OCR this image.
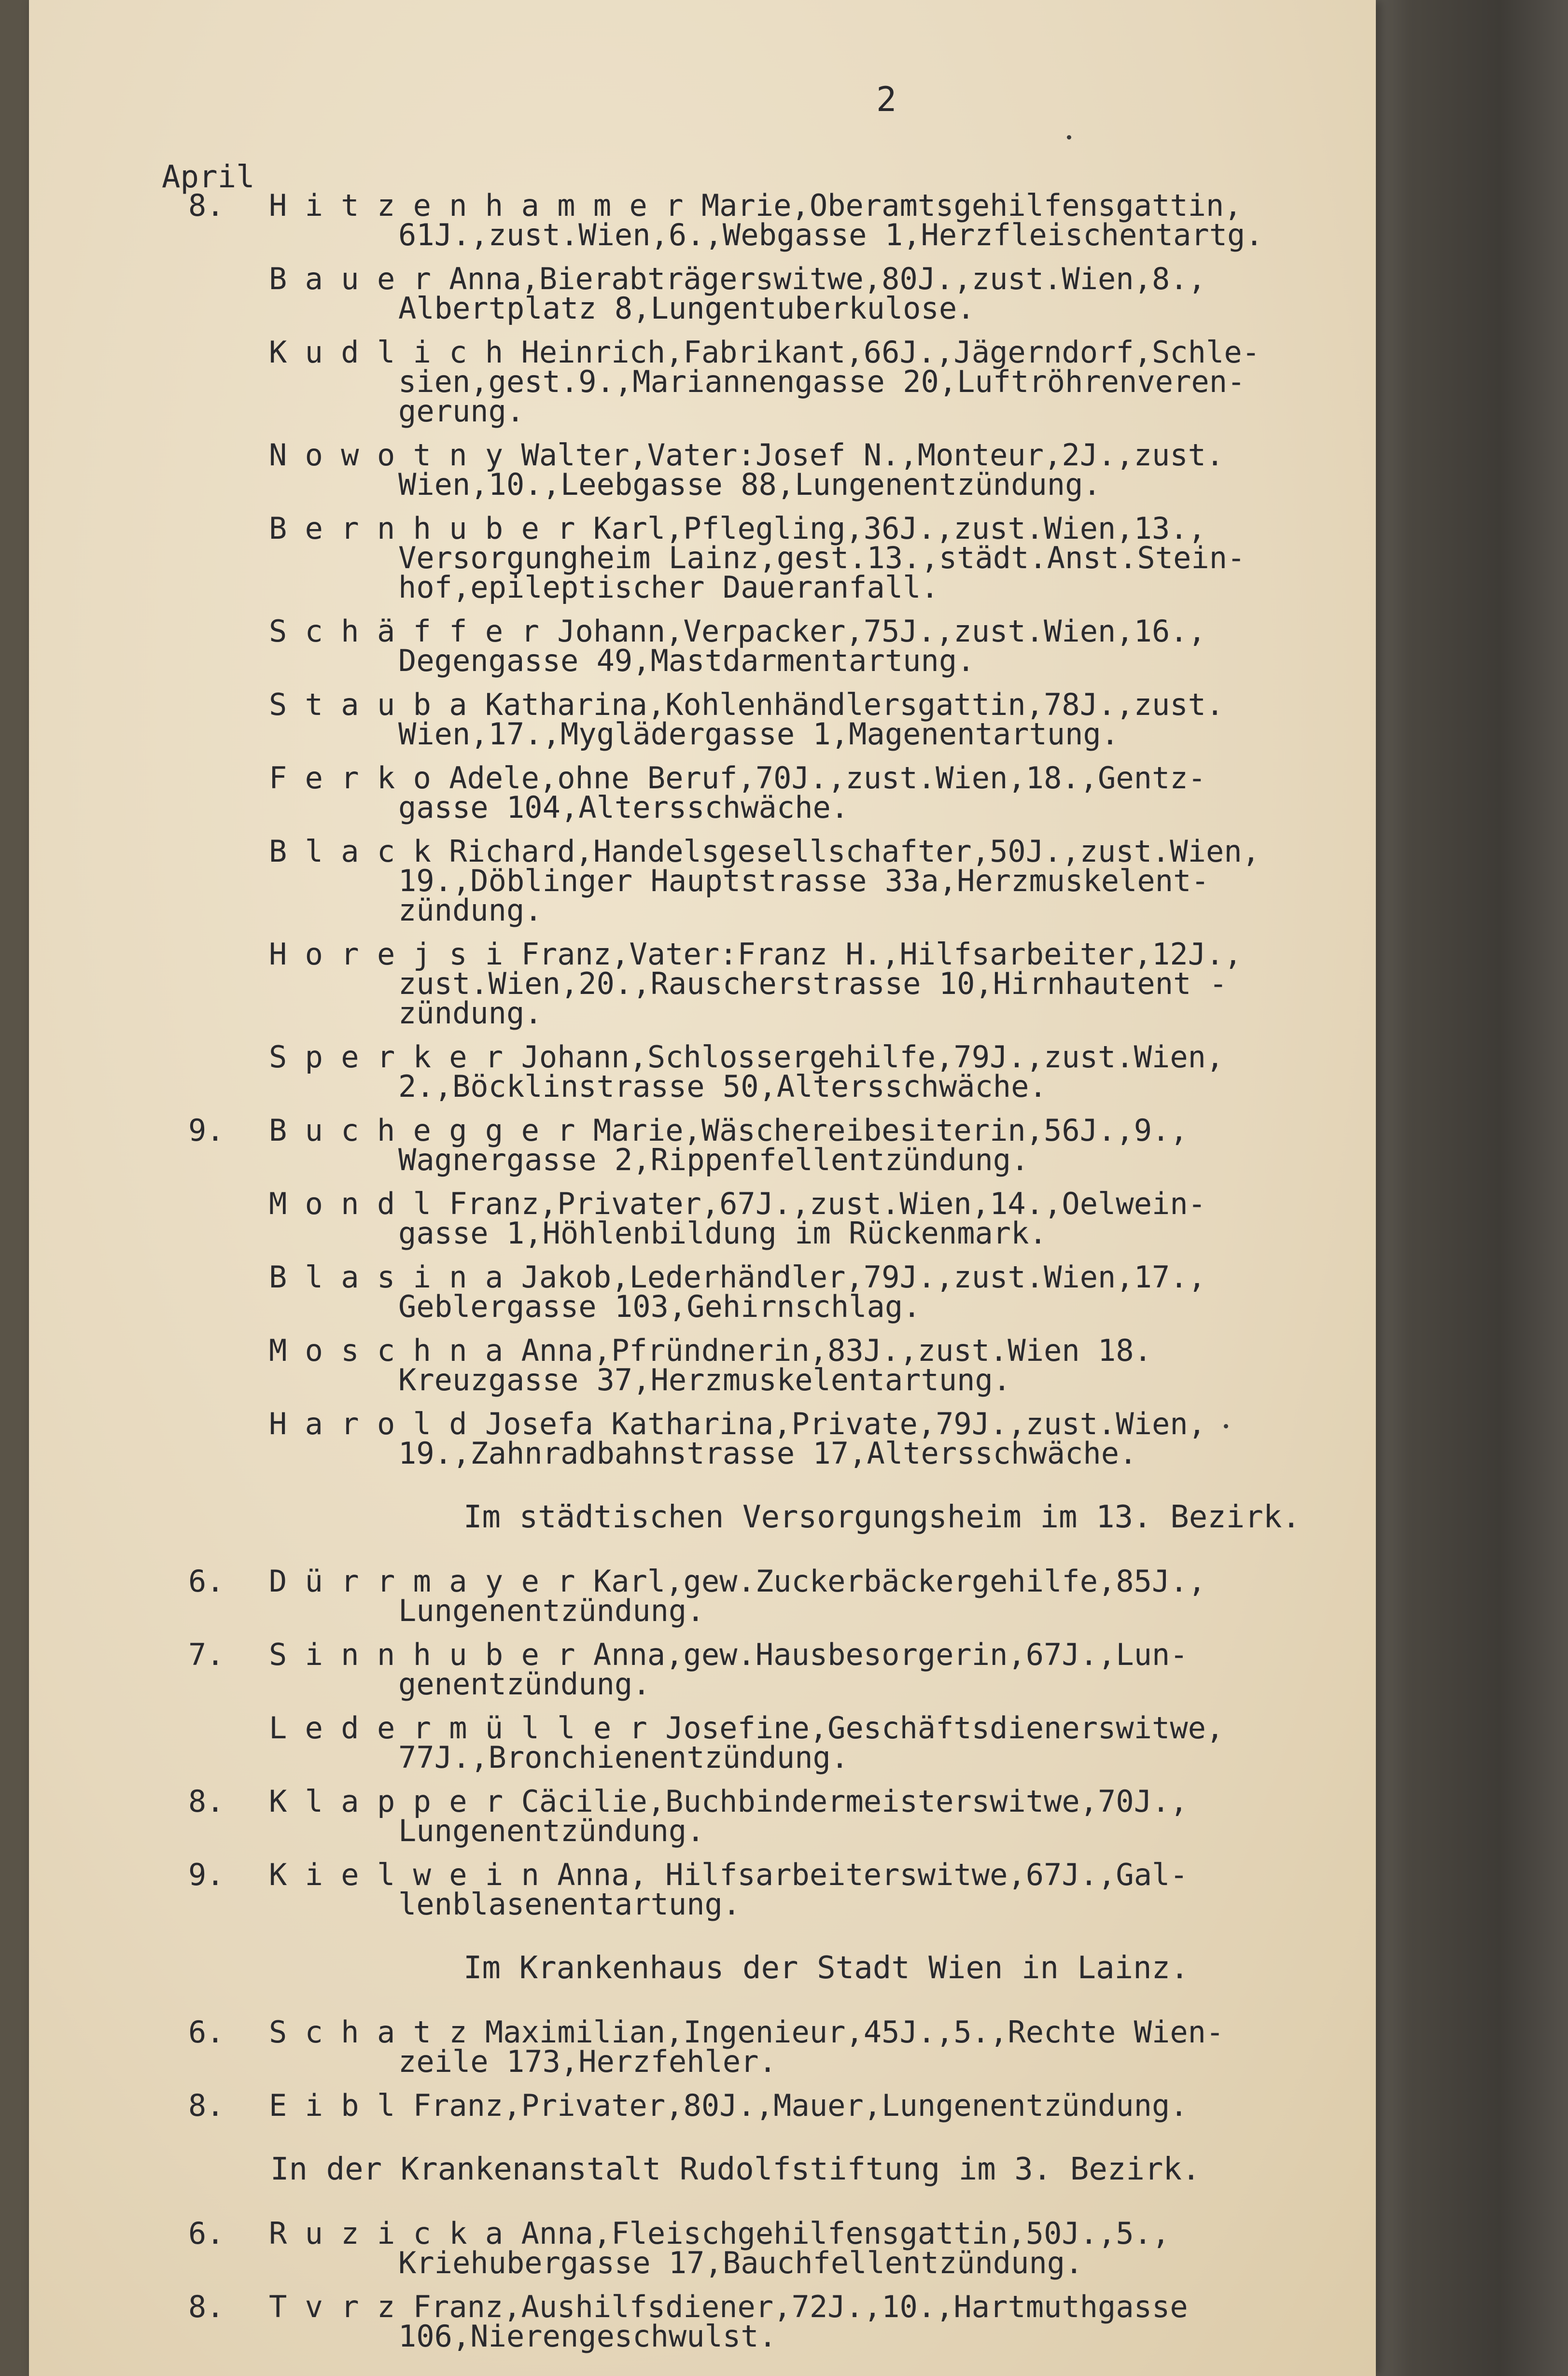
2
April
8.	H i t z e n h a m m e r Marie,Oberamtsgehilfensgattin,
61J.,zust.Wien,6.,Webgasse 1,Herzfleischentartg.
B a u e r Anna,Bierabträgerswitwe,80J.,zust.Wien,8.,
Albertplatz 8,Lungentuberkulose.
K u d l i c h Heinrich,Fabrikant,66J.,Jägerndorf,Schle-
sien,gest.9.,Mariannengasse 20,Luftröhrenveren-
gerung.
N o w o t n y Walter,Vater:Josef N.,Monteur,2J.,zust.
Wien,10.,Leebgasse 88,Lungenentzündung.
B e r n h u b e r Karl,Pflegling,36J.,zust.Wien,13.,
Versorgungheim Lainz,gest.13.,städt.Anst.Stein-
hof,epileptischer Daueranfall.
S c h ä f f e r Johann,Verpacker,75J.,zust.Wien,16.,
Degengasse 49,Mastdarmentartung.
S t a u b a Katharina,Kohlenhändlersgattin,78J.,zust.
Wien,17.,Myglädergasse 1,Magenentartung.
F e r k o Adele,ohne Beruf,70J.,zust.Wien,18.,Gentz-
gasse 104,Altersschwäche.
B l a c k Richard,Handelsgesellschafter,50J.,zust.Wien,
19.,Döblinger Hauptstrasse 33a,Herzmuskelent-
zündung.
H o r e j s i Franz,Vater:Franz H.,Hilfsarbeiter,12J.,
zust.Wien,20.,Rauscherstrasse 10,Hirnhautent -
zündung.
S p e r k e r Johann,Schlossergehilfe,79J.,zust.Wien,
2.,Böcklinstrasse 50,Altersschwäche.
9.	B u c h e g g e r Marie,Wäschereibesiterin,56J.,9.,
Wagnergasse 2,Rippenfellentzündung.
M o n d l Franz,Privater,67J.,zust.Wien,14.,Oelwein-
gasse 1,Höhlenbildung im Rückenmark.
B l a s i n a Jakob,Lederhändler,79J.,zust.Wien,17.,
Geblergasse 103,Gehirnschlag.
M o s c h n a Anna,Pfründnerin,83J.,zust.Wien 18.
Kreuzgasse 37,Herzmuskelentartung.
H a r o l d Josefa Katharina,Private,79J.,zust.Wien,
19.,Zahnradbahnstrasse 17,Altersschwäche.
Im städtischen Versorgungsheim im 13. Bezirk.
6.	D ü r r m a y e r Karl,gew.Zuckerbäckergehilfe,85J.,
Lungenentzündung.
7.	S i n n h u b e r Anna,gew.Hausbesorgerin,67J.,Lun-
genentzündung.
L e d e r m ü l l e r Josefine,Geschäftsdienerswitwe,
77J.,Bronchienentzündung.
8.	K l a p p e r Cäcilie,Buchbindermeisterswitwe,70J.,
Lungenentzündung.
9.	K i e l w e i n Anna, Hilfsarbeiterswitwe,67J.,Gal-
lenblasenentartung.
Im Krankenhaus der Stadt Wien in Lainz.
6.	S c h a t z Maximilian,Ingenieur,45J.,5.,Rechte Wien-
zeile 173,Herzfehler.
8.	E i b l Franz,Privater,80J.,Mauer,Lungenentzündung.
In der Krankenanstalt Rudolfstiftung im 3. Bezirk.
6.	R u z i c k a Anna,Fleischgehilfensgattin,50J.,5.,
Kriehubergasse 17,Bauchfellentzündung.
8.	T v r z Franz,Aushilfsdiener,72J.,10.,Hartmuthgasse
106,Nierengeschwulst.
